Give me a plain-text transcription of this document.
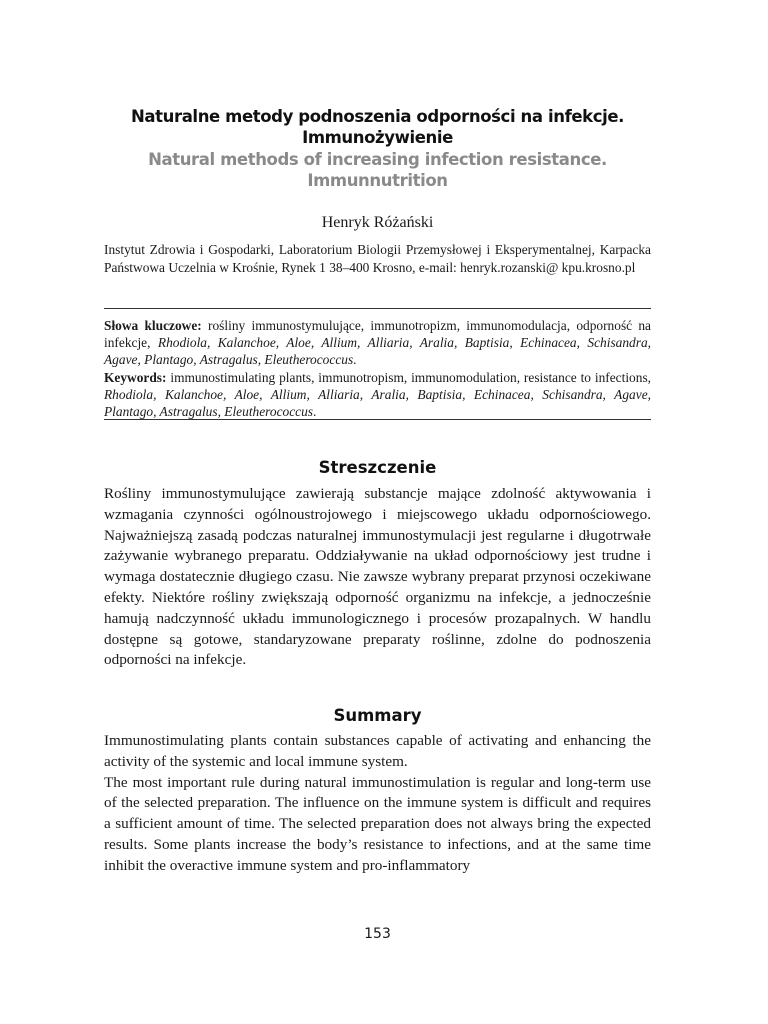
Naturalne metody podnoszenia odporności na infekcje.
Immunożywienie
Natural methods of increasing infection resistance.
Immunnutrition
Henryk Różański
Instytut Zdrowia i Gospodarki, Laboratorium Biologii Przemysłowej i Eksperymentalnej, Karpacka Państwowa Uczelnia w Krośnie, Rynek 1 38–400 Krosno, e-mail: henryk.rozanski@ kpu.krosno.pl
Słowa kluczowe: rośliny immunostymulujące, immunotropizm, immunomodulacja, odporność na infekcje, Rhodiola, Kalanchoe, Aloe, Allium, Alliaria, Aralia, Baptisia, Echinacea, Schisandra, Agave, Plantago, Astragalus, Eleutherococcus.
Keywords: immunostimulating plants, immunotropism, immunomodulation, resistance to infections, Rhodiola, Kalanchoe, Aloe, Allium, Alliaria, Aralia, Baptisia, Echinacea, Schisandra, Agave, Plantago, Astragalus, Eleutherococcus.
Streszczenie
Rośliny immunostymulujące zawierają substancje mające zdolność aktywowania i wzmagania czynności ogólnoustrojowego i miejscowego układu odpornościowego. Najważniejszą zasadą podczas naturalnej immunostymulacji jest regularne i długotrwałe zażywanie wybranego preparatu. Oddziaływanie na układ odpornościowy jest trudne i wymaga dostatecznie długiego czasu. Nie zawsze wybrany preparat przynosi oczekiwane efekty. Niektóre rośliny zwiększają odporność organizmu na infekcje, a jednocześnie hamują nadczynność układu immunologicznego i procesów prozapalnych. W handlu dostępne są gotowe, standaryzowane preparaty roślinne, zdolne do podnoszenia odporności na infekcje.
Summary

Immunostimulating plants contain substances capable of activating and enhancing the activity of the systemic and local immune system.

The most important rule during natural immunostimulation is regular and long-term use of the selected preparation. The influence on the immune system is difficult and requires a sufficient amount of time. The selected preparation does not always bring the expected results. Some plants increase the body’s resistance to infections, and at the same time inhibit the overactive immune system and pro-inflammatory

153
